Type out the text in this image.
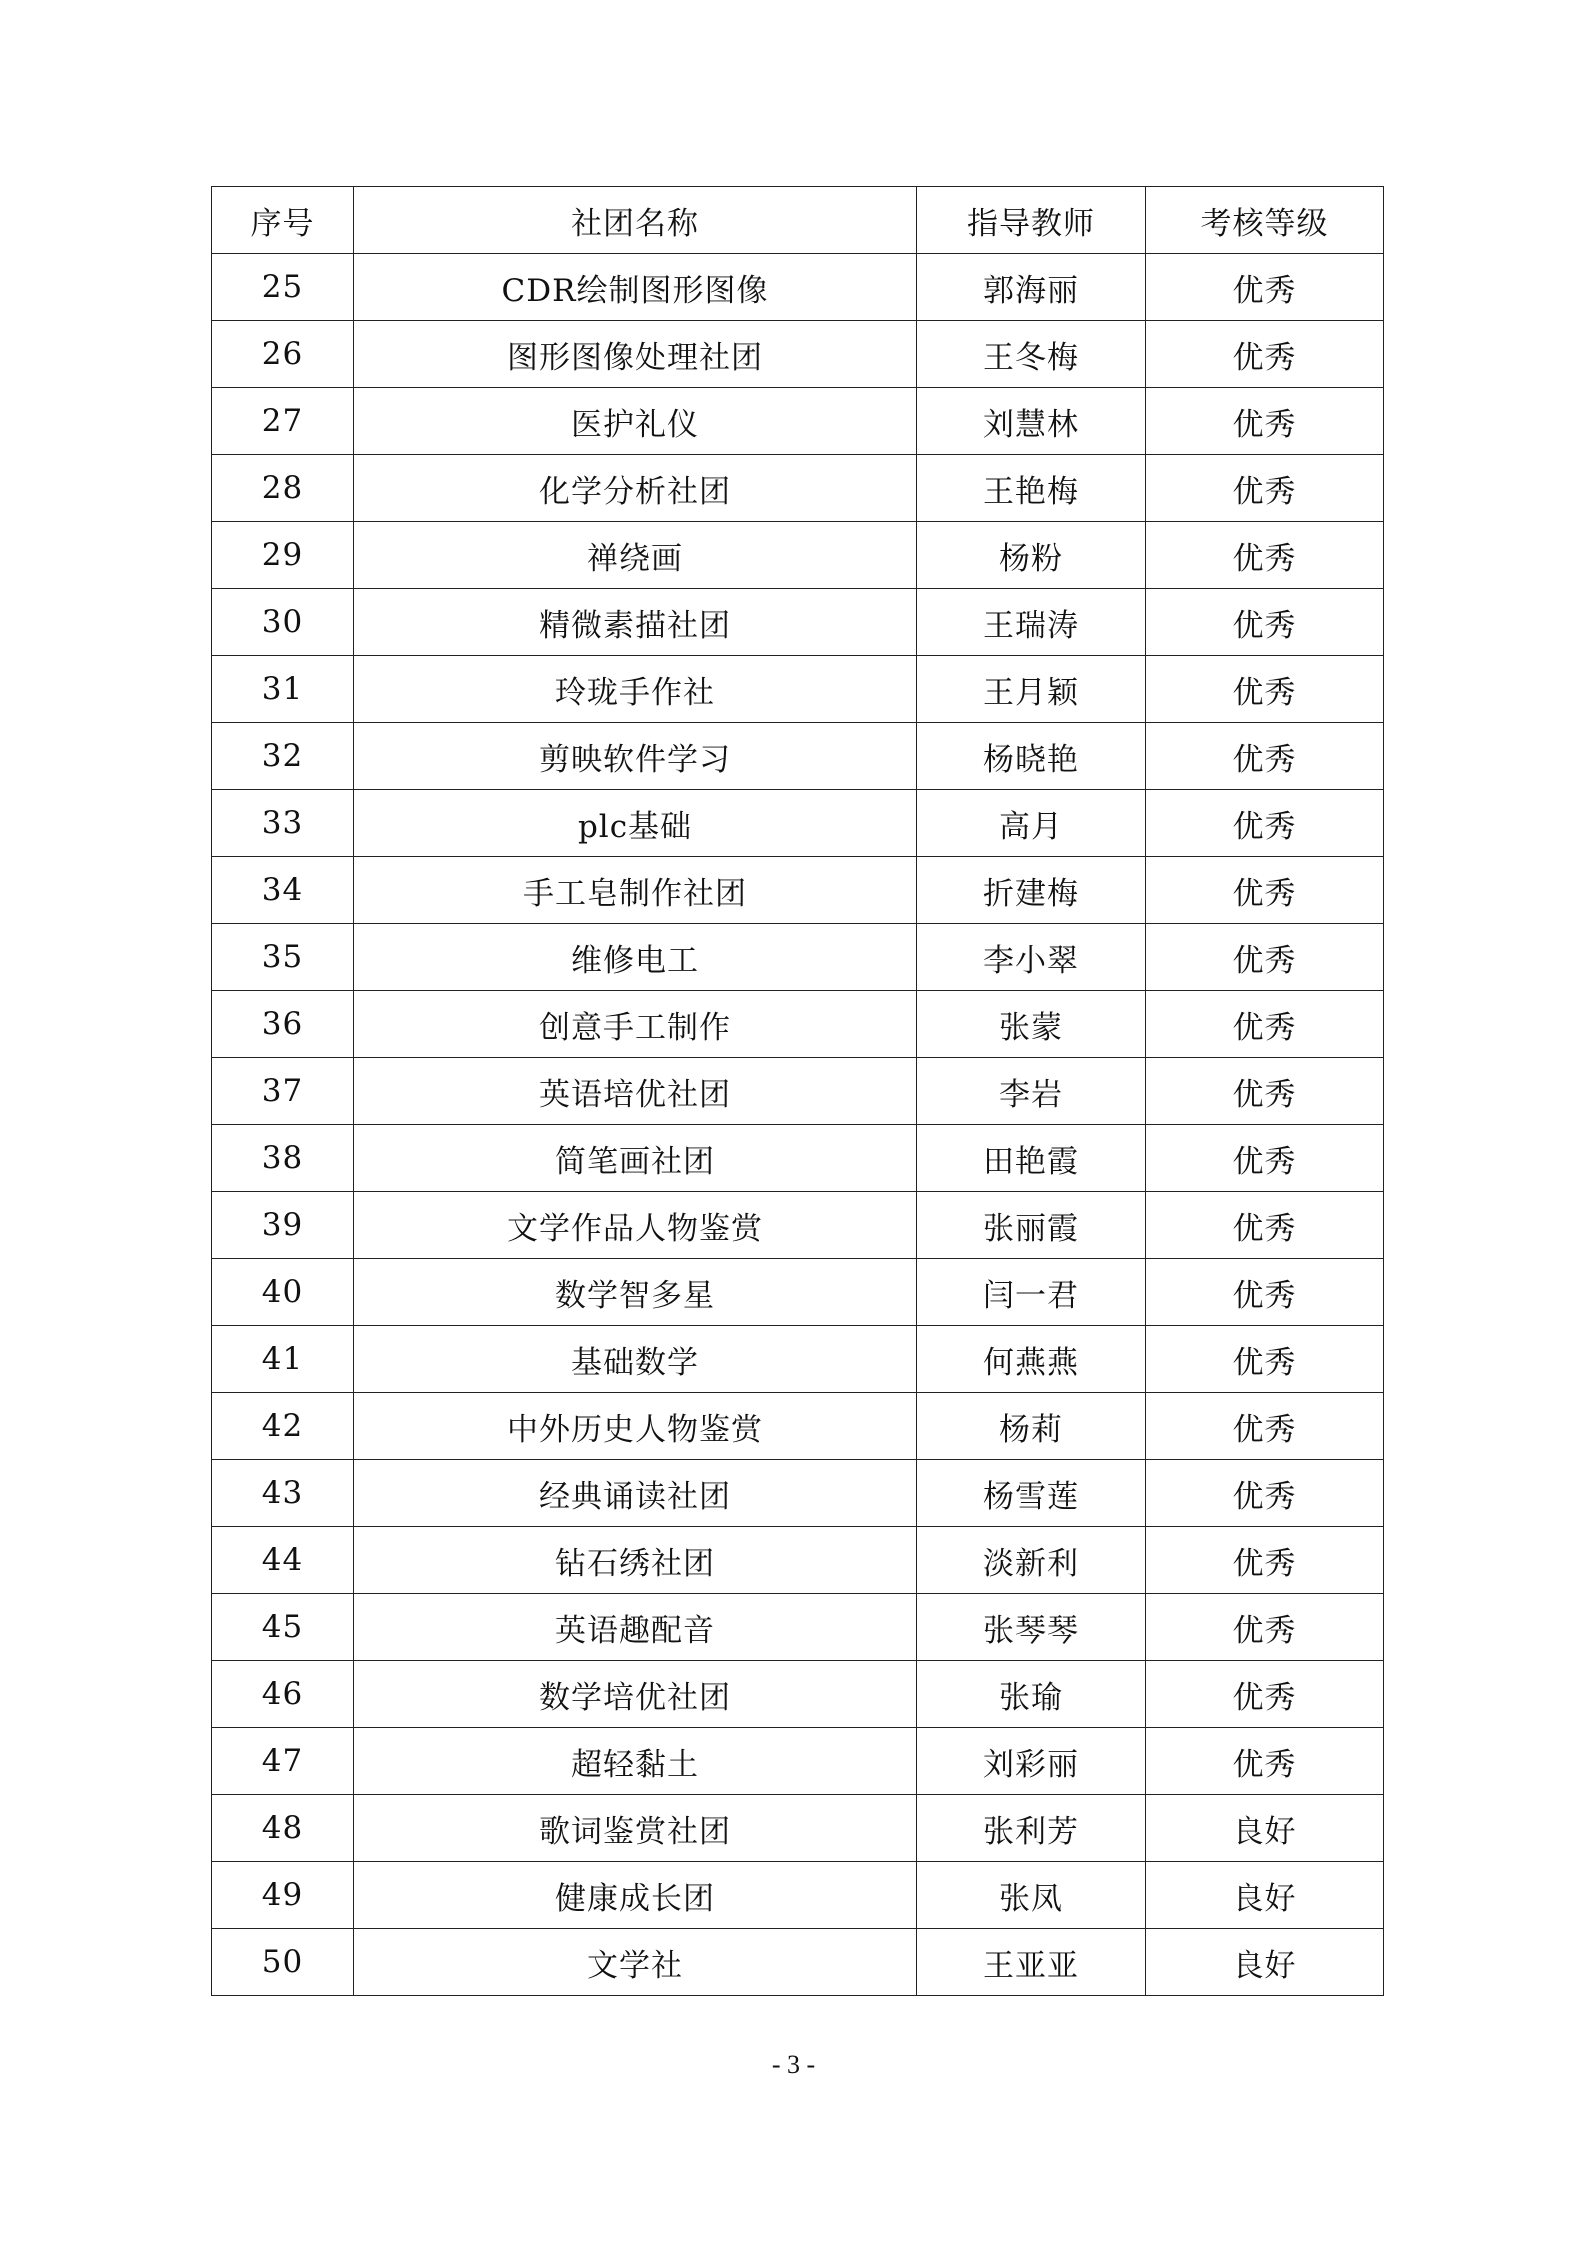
序号	社团名称	指导教师	考核等级
25	CDR绘制图形图像	郭海丽	优秀
26	图形图像处理社团	王冬梅	优秀
27	医护礼仪	刘慧林	优秀
28	化学分析社团	王艳梅	优秀
29	禅绕画	杨粉	优秀
30	精微素描社团	王瑞涛	优秀
31	玲珑手作社	王月颖	优秀
32	剪映软件学习	杨晓艳	优秀
33	plc基础	高月	优秀
34	手工皂制作社团	折建梅	优秀
35	维修电工	李小翠	优秀
36	创意手工制作	张蒙	优秀
37	英语培优社团	李岩	优秀
38	简笔画社团	田艳霞	优秀
39	文学作品人物鉴赏	张丽霞	优秀
40	数学智多星	闫一君	优秀
41	基础数学	何燕燕	优秀
42	中外历史人物鉴赏	杨莉	优秀
43	经典诵读社团	杨雪莲	优秀
44	钻石绣社团	淡新利	优秀
45	英语趣配音	张琴琴	优秀
46	数学培优社团	张瑜	优秀
47	超轻黏土	刘彩丽	优秀
48	歌词鉴赏社团	张利芳	良好
49	健康成长团	张凤	良好
50	文学社	王亚亚	良好
- 3 -
